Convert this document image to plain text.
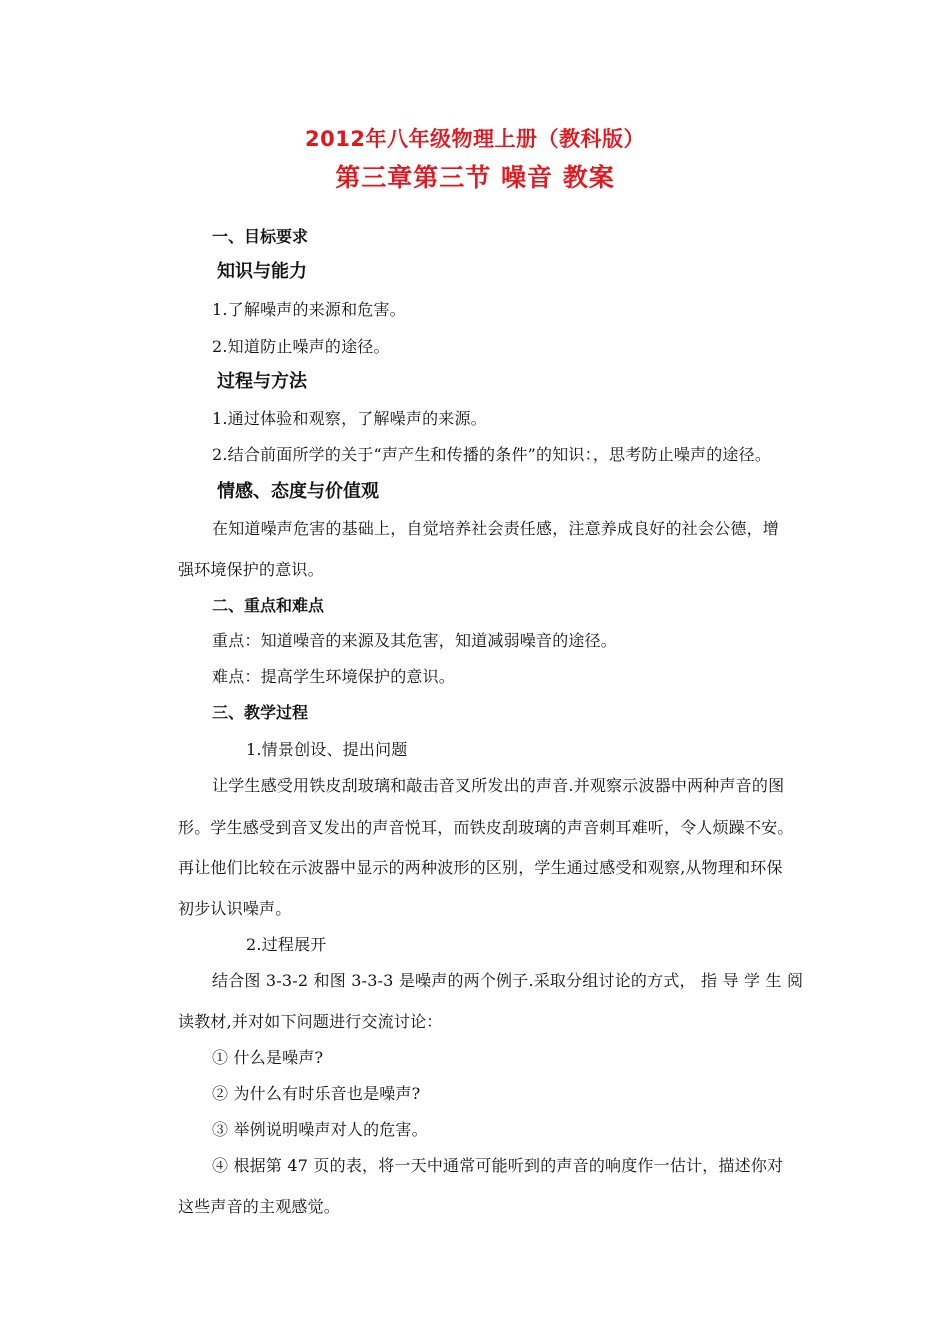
2012年八年级物理上册（教科版）
第三章第三节 噪音 教案
一、目标要求
知识与能力
1.了解噪声的来源和危害。
2.知道防止噪声的途径。
过程与方法
1.通过体验和观察，了解噪声的来源。
2.结合前面所学的关于“声产生和传播的条件”的知识：，思考防止噪声的途径。
情感、态度与价值观
在知道噪声危害的基础上，自觉培养社会责任感，注意养成良好的社会公德，增
强环境保护的意识。
二、重点和难点
重点：知道噪音的来源及其危害，知道减弱噪音的途径。
难点：提高学生环境保护的意识。
三、教学过程
1.情景创设、提出问题
让学生感受用铁皮刮玻璃和敲击音叉所发出的声音.并观察示波器中两种声音的图
形。学生感受到音叉发出的声音悦耳，而铁皮刮玻璃的声音刺耳难听，令人烦躁不安。
再让他们比较在示波器中显示的两种波形的区别，学生通过感受和观察,从物理和环保
初步认识噪声。
2.过程展开
结合图 3-3-2 和图 3-3-3 是噪声的两个例子.采取分组讨论的方式， 指 导 学 生 阅
读教材,并对如下问题进行交流讨论：
① 什么是噪声?
② 为什么有时乐音也是噪声?
③ 举例说明噪声对人的危害。
④ 根据第 47 页的表，将一天中通常可能听到的声音的响度作一估计，描述你对
这些声音的主观感觉。
